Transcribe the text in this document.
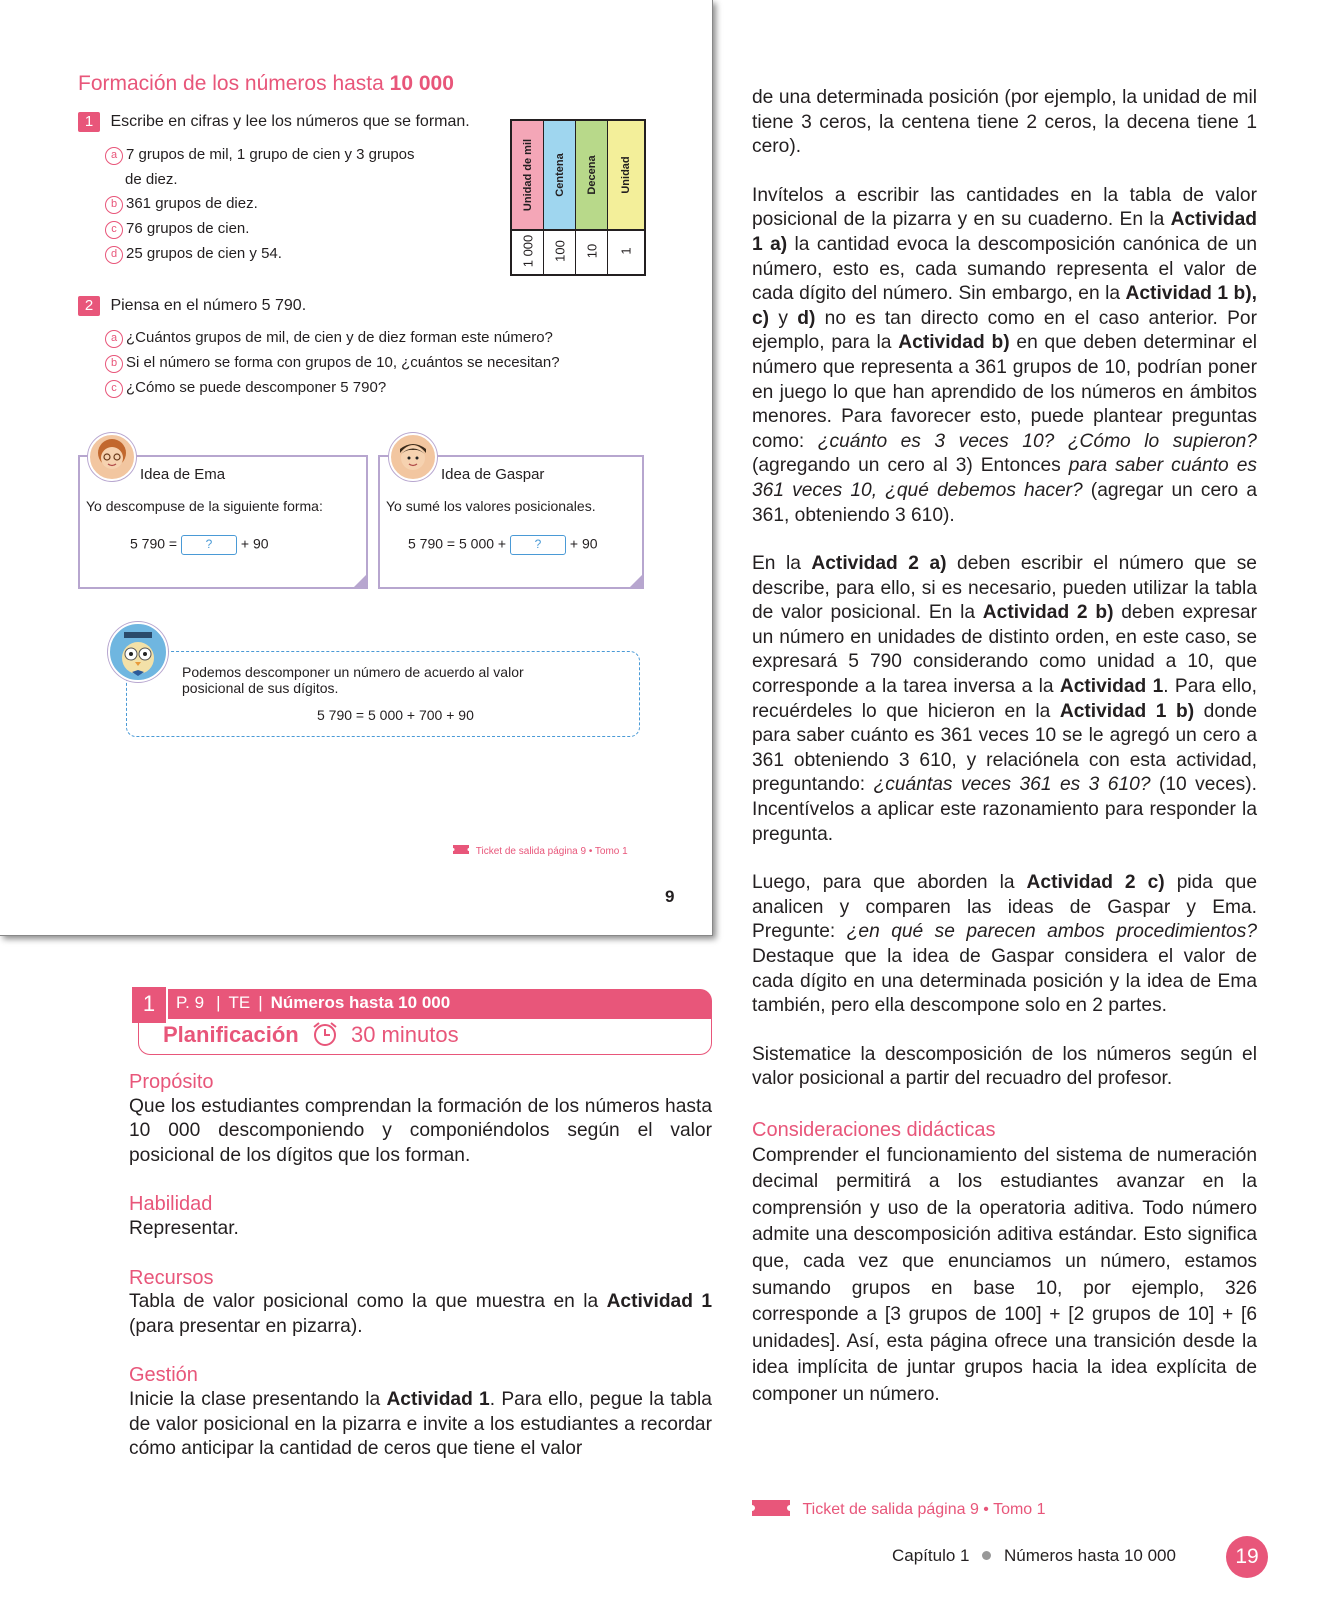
Formación de los números hasta 10 000
1 Escribe en cifras y lee los números que se forman.
a 7 grupos de mil, 1 grupo de cien y 3 grupos
de diez.
b 361 grupos de diez.
c 76 grupos de cien.
d 25 grupos de cien y 54.
Unidad de mil
1 000
Centena
100
Decena
10
Unidad
1
2 Piensa en el número 5 790.
a ¿Cuántos grupos de mil, de cien y de diez forman este número?
b Si el número se forma con grupos de 10, ¿cuántos se necesitan?
c ¿Cómo se puede descomponer 5 790?
Idea de Ema
Yo descompuse de la siguiente forma:
5 790 = ? + 90
Idea de Gaspar
Yo sumé los valores posicionales.
5 790 = 5 000 + ? + 90
Podemos descomponer un número de acuerdo al valor
posicional de sus dígitos.
5 790 = 5 000 + 700 + 90
Ticket de salida página 9 • Tomo 1
9
P. 9 | TE | Números hasta 10 000
1
Planificación 30 minutos
Propósito
Que los estudiantes comprendan la formación de los números hasta 10 000 descomponiendo y componiéndolos según el valor posicional de los dígitos que los forman.
Habilidad
Representar.
Recursos
Tabla de valor posicional como la que muestra en la Actividad 1 (para presentar en pizarra).
Gestión
Inicie la clase presentando la Actividad 1. Para ello, pegue la tabla de valor posicional en la pizarra e invite a los estudiantes a recordar cómo anticipar la cantidad de ceros que tiene el valor
de una determinada posición (por ejemplo, la unidad de mil tiene 3 ceros, la centena tiene 2 ceros, la decena tiene 1 cero).
Invítelos a escribir las cantidades en la tabla de valor posicional de la pizarra y en su cuaderno. En la Actividad 1 a) la cantidad evoca la descomposición canónica de un número, esto es, cada sumando representa el valor de cada dígito del número. Sin embargo, en la Actividad 1 b), c) y d) no es tan directo como en el caso anterior. Por ejemplo, para la Actividad b) en que deben determinar el número que representa a 361 grupos de 10, podrían poner en juego lo que han aprendido de los números en ámbitos menores. Para favorecer esto, puede plantear preguntas como: ¿cuánto es 3 veces 10? ¿Cómo lo supieron? (agregando un cero al 3) Entonces para saber cuánto es 361 veces 10, ¿qué debemos hacer? (agregar un cero a 361, obteniendo 3 610).
En la Actividad 2 a) deben escribir el número que se describe, para ello, si es necesario, pueden utilizar la tabla de valor posicional. En la Actividad 2 b) deben expresar un número en unidades de distinto orden, en este caso, se expresará 5 790 considerando como unidad a 10, que corresponde a la tarea inversa a la Actividad 1. Para ello, recuérdeles lo que hicieron en la Actividad 1 b) donde para saber cuánto es 361 veces 10 se le agregó un cero a 361 obteniendo 3 610, y relaciónela con esta actividad, preguntando: ¿cuántas veces 361 es 3 610? (10 veces). Incentívelos a aplicar este razonamiento para responder la pregunta.
Luego, para que aborden la Actividad 2 c) pida que analicen y comparen las ideas de Gaspar y Ema. Pregunte: ¿en qué se parecen ambos procedimientos? Destaque que la idea de Gaspar considera el valor de cada dígito en una determinada posición y la idea de Ema también, pero ella descompone solo en 2 partes.
Sistematice la descomposición de los números según el valor posicional a partir del recuadro del profesor.
Consideraciones didácticas
Comprender el funcionamiento del sistema de numeración decimal permitirá a los estudiantes avanzar en la comprensión y uso de la operatoria aditiva. Todo número admite una descomposición aditiva estándar. Esto significa que, cada vez que enunciamos un número, estamos sumando grupos en base 10, por ejemplo, 326 corresponde a [3 grupos de 100] + [2 grupos de 10] + [6 unidades]. Así, esta página ofrece una transición desde la idea implícita de juntar grupos hacia la idea explícita de componer un número.
Ticket de salida página 9 • Tomo 1
Capítulo 1 Números hasta 10 000	19
